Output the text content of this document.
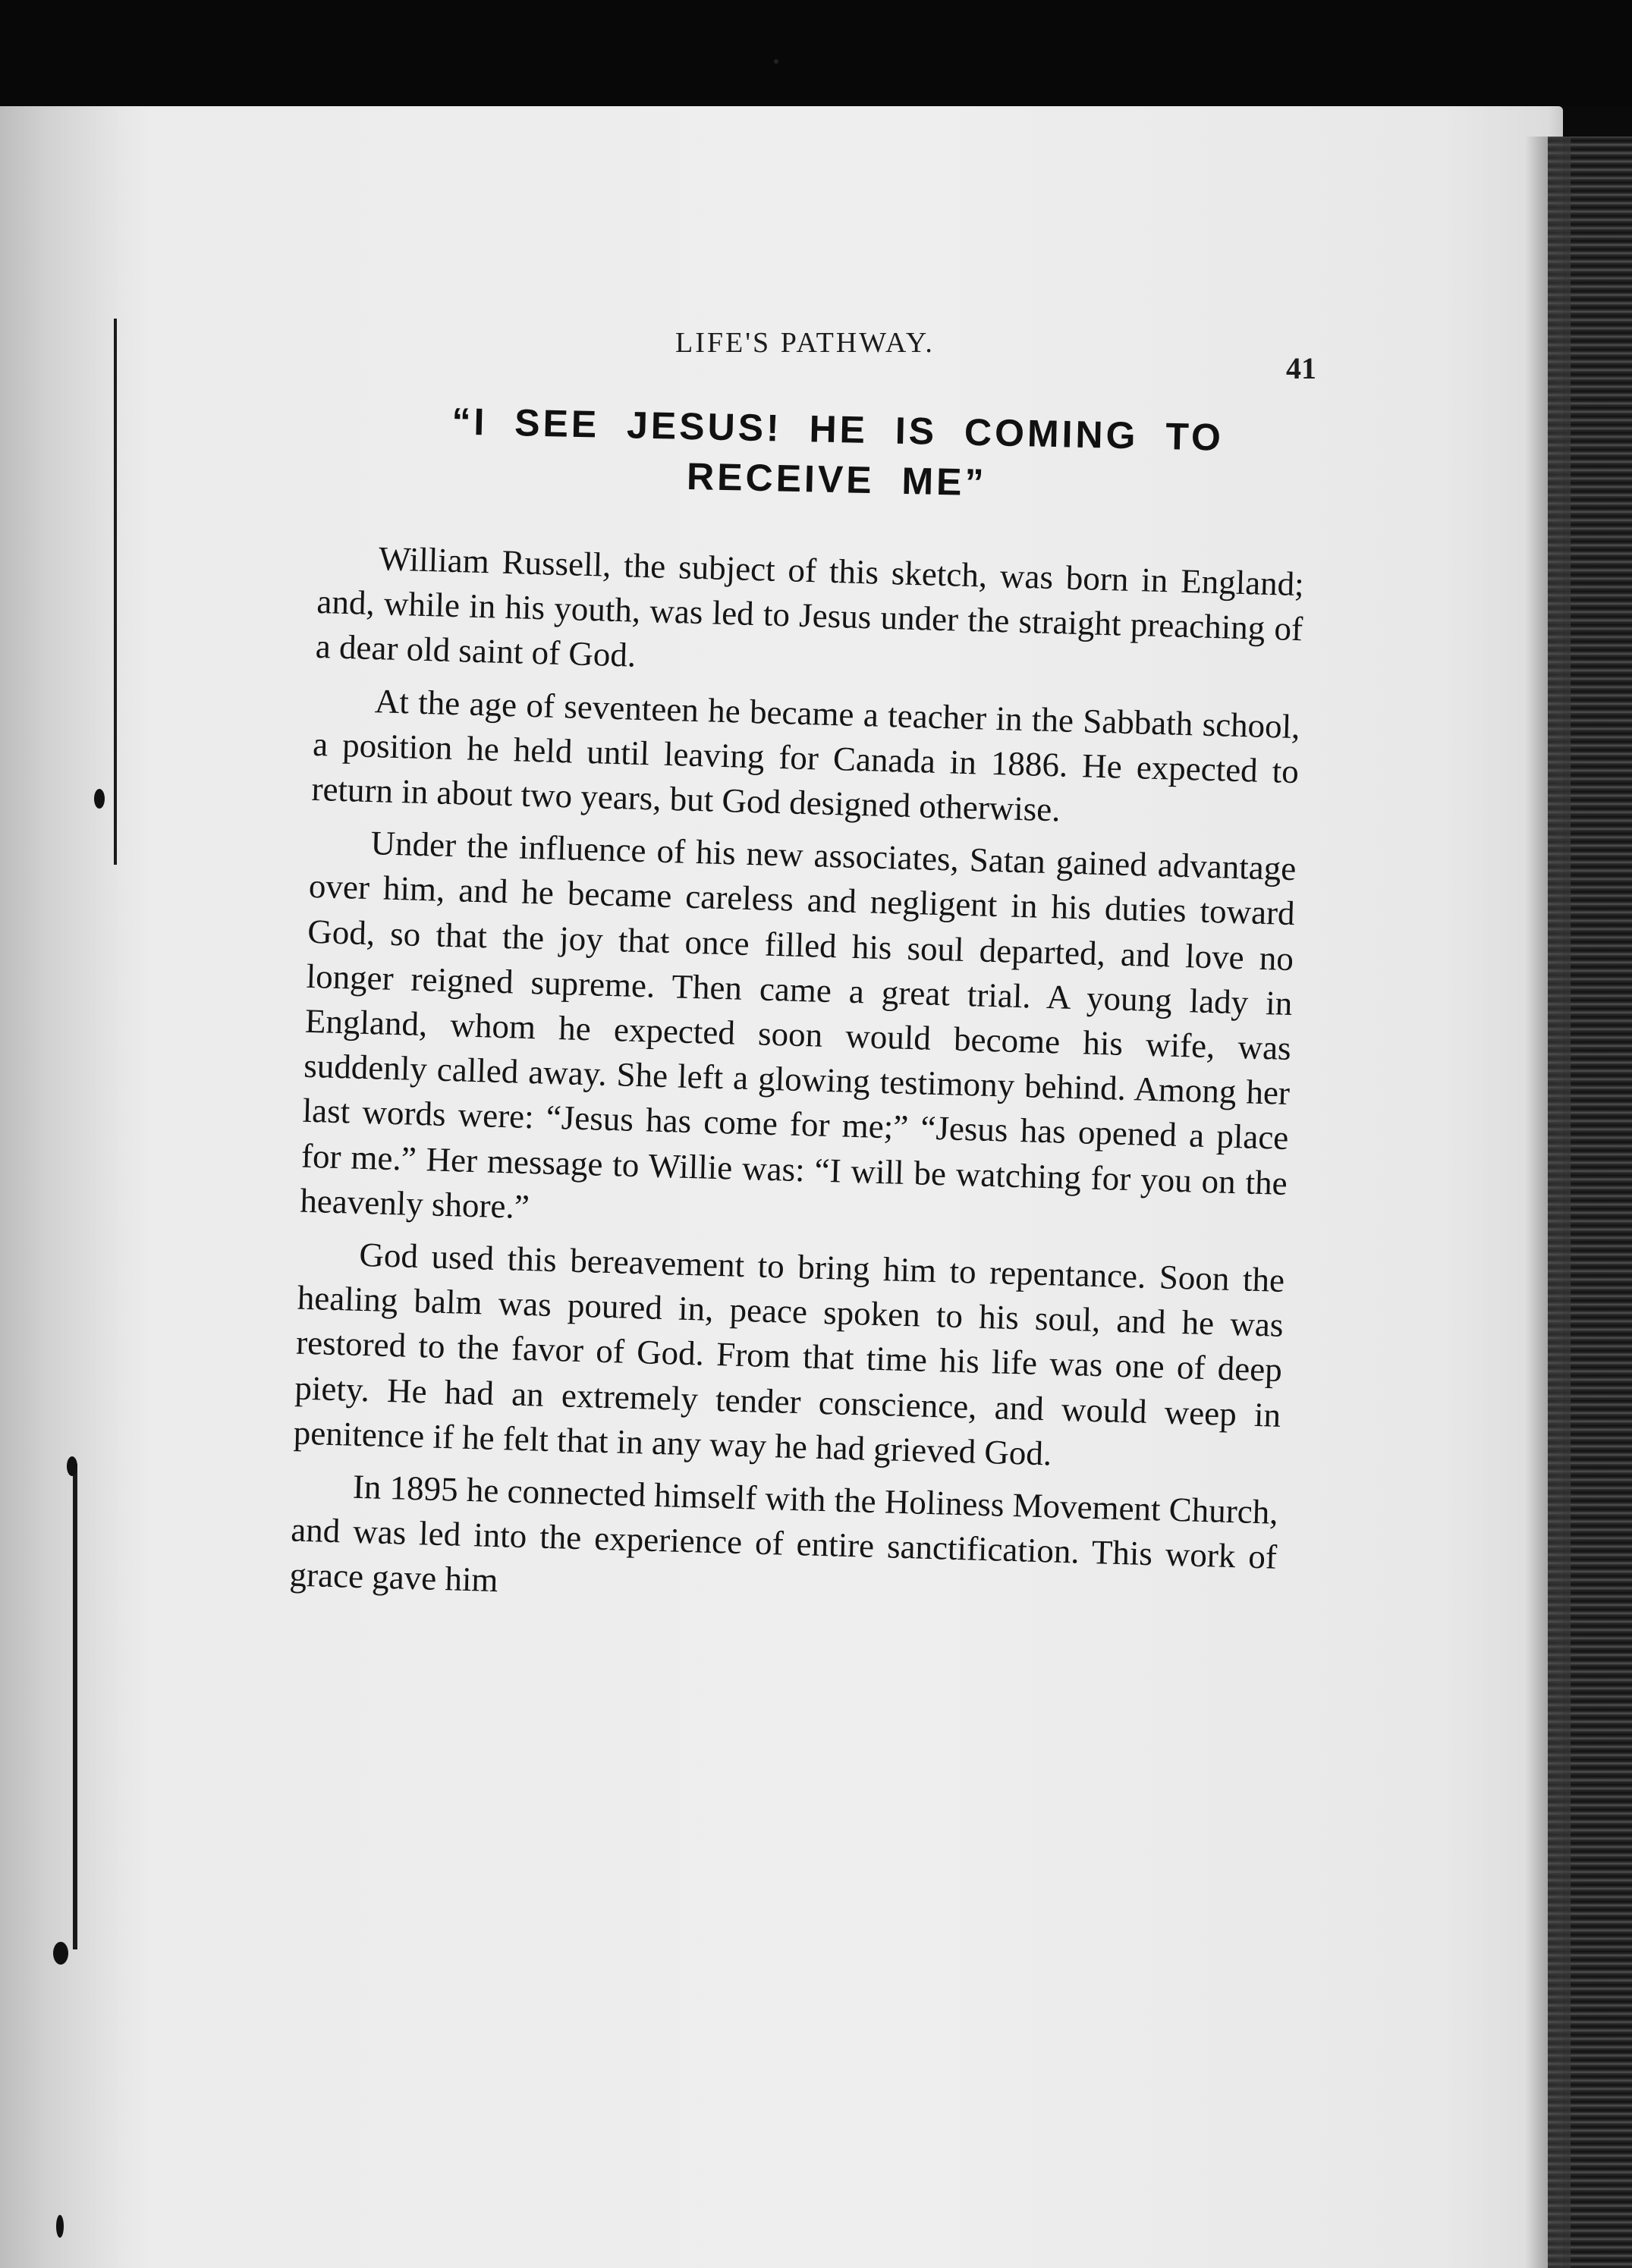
LIFE'S PATHWAY.
41
“I SEE JESUS! HE IS COMING TO RECEIVE ME”

William Russell, the subject of this sketch, was born in England; and, while in his youth, was led to Jesus under the straight preaching of a dear old saint of God.

At the age of seventeen he became a teacher in the Sabbath school, a position he held until leaving for Canada in 1886. He expected to return in about two years, but God designed otherwise.

Under the influence of his new associates, Satan gained advantage over him, and he became careless and negligent in his duties toward God, so that the joy that once filled his soul departed, and love no longer reigned supreme. Then came a great trial. A young lady in England, whom he expected soon would become his wife, was suddenly called away. She left a glowing testimony behind. Among her last words were: “Jesus has come for me;” “Jesus has opened a place for me.” Her message to Willie was: “I will be watching for you on the heavenly shore.”

God used this bereavement to bring him to repentance. Soon the healing balm was poured in, peace spoken to his soul, and he was restored to the favor of God. From that time his life was one of deep piety. He had an extremely tender conscience, and would weep in penitence if he felt that in any way he had grieved God.

In 1895 he connected himself with the Holiness Movement Church, and was led into the experience of entire sanctification. This work of grace gave him
